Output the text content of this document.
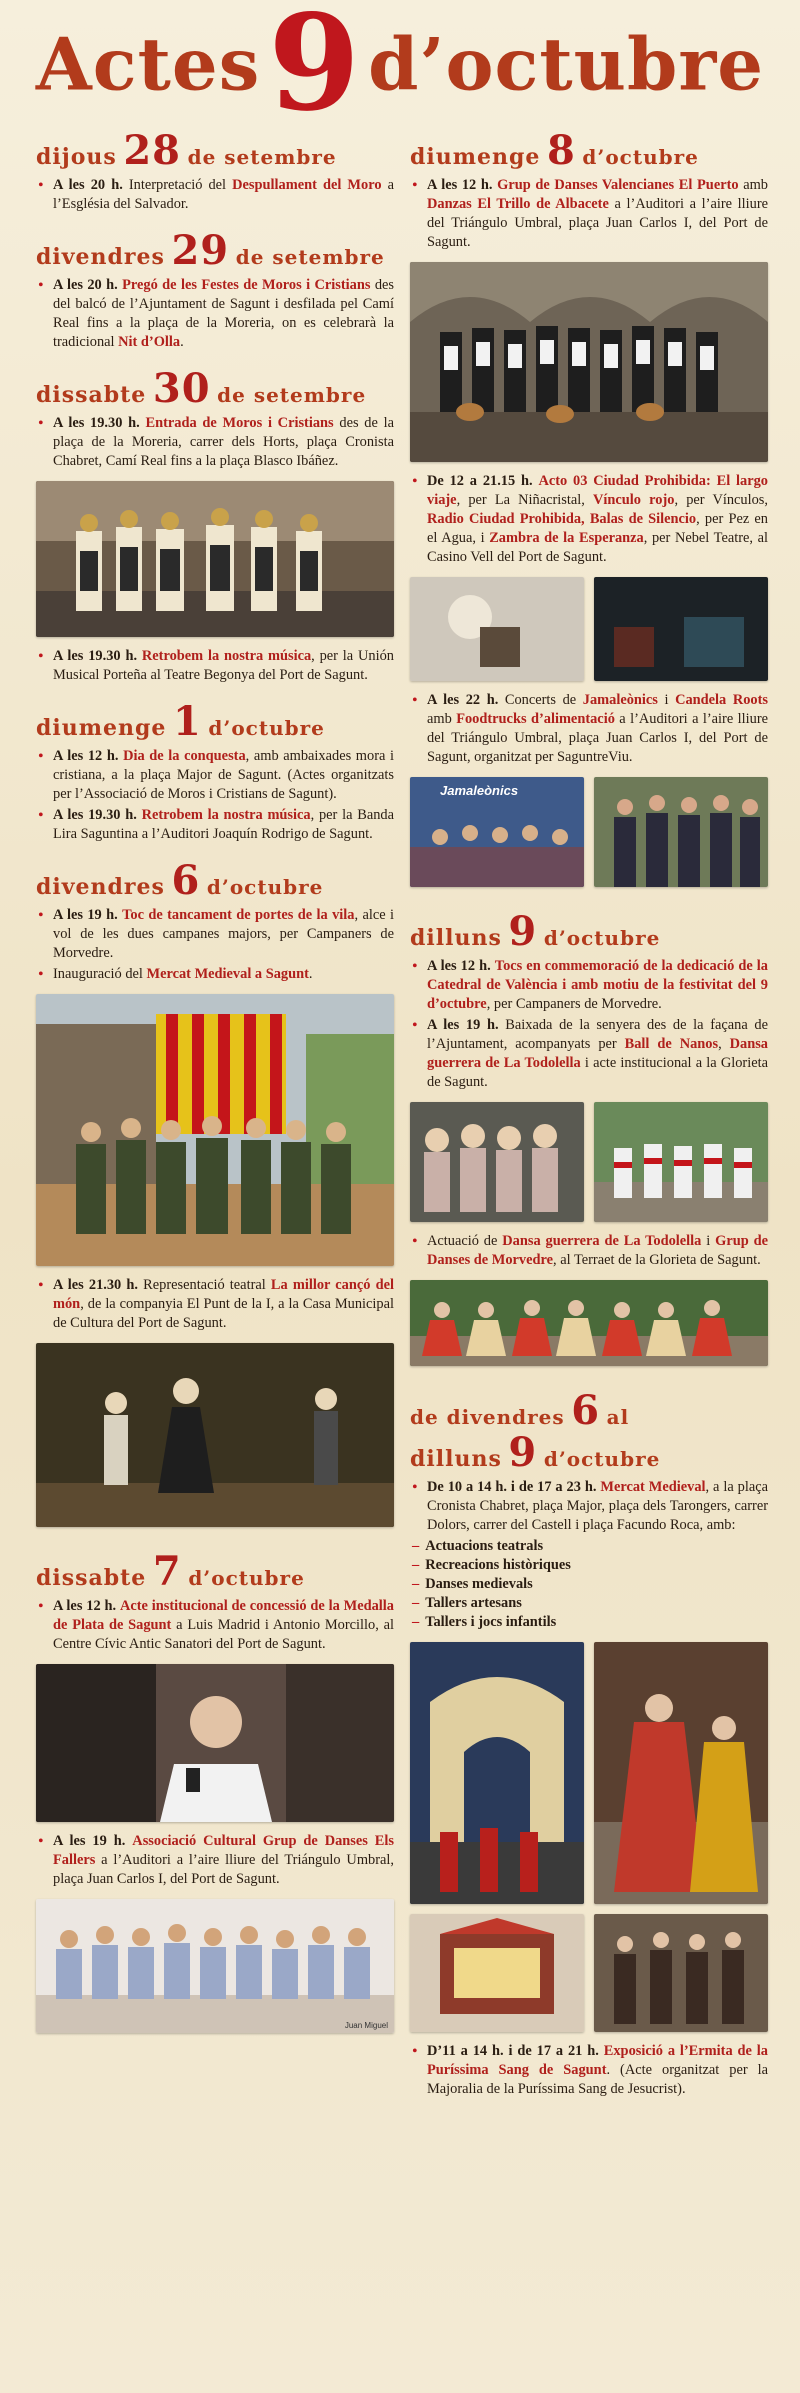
Actes 9 d’octubre
dijous 28 de setembre
• A les 20 h. Interpretació del Despullament del Moro a l’Església del Salvador.
divendres 29 de setembre
• A les 20 h. Pregó de les Festes de Moros i Cristians des del balcó de l’Ajuntament de Sagunt i desfilada pel Camí Real fins a la plaça de la Moreria, on es celebrarà la tradicional Nit d’Olla.
dissabte 30 de setembre
• A les 19.30 h. Entrada de Moros i Cristians des de la plaça de la Moreria, carrer dels Horts, plaça Cronista Chabret, Camí Real fins a la plaça Blasco Ibáñez.
• A les 19.30 h. Retrobem la nostra música, per la Unión Musical Porteña al Teatre Begonya del Port de Sagunt.
diumenge 1 d’octubre
• A les 12 h. Dia de la conquesta, amb ambaixades mora i cristiana, a la plaça Major de Sagunt. (Actes organitzats per l’Associació de Moros i Cristians de Sagunt).
• A les 19.30 h. Retrobem la nostra música, per la Banda Lira Saguntina a l’Auditori Joaquín Rodrigo de Sagunt.
divendres 6 d’octubre
• A les 19 h. Toc de tancament de portes de la vila, alce i vol de les dues campanes majors, per Campaners de Morvedre.
• Inauguració del Mercat Medieval a Sagunt.
• A les 21.30 h. Representació teatral La millor cançó del món, de la companyia El Punt de la I, a la Casa Municipal de Cultura del Port de Sagunt.
dissabte 7 d’octubre
• A les 12 h. Acte institucional de concessió de la Medalla de Plata de Sagunt a Luis Madrid i Antonio Morcillo, al Centre Cívic Antic Sanatori del Port de Sagunt.
• A les 19 h. Associació Cultural Grup de Danses Els Fallers a l’Auditori a l’aire lliure del Triángulo Umbral, plaça Juan Carlos I, del Port de Sagunt.
Juan Miguel
diumenge 8 d’octubre
• A les 12 h. Grup de Danses Valencianes El Puerto amb Danzas El Trillo de Albacete a l’Auditori a l’aire lliure del Triángulo Umbral, plaça Juan Carlos I, del Port de Sagunt.
• De 12 a 21.15 h. Acto 03 Ciudad Prohibida: El largo viaje, per La Niñacristal, Vínculo rojo, per Vínculos, Radio Ciudad Prohibida, Balas de Silencio, per Pez en el Agua, i Zambra de la Esperanza, per Nebel Teatre, al Casino Vell del Port de Sagunt.
• A les 22 h. Concerts de Jamaleònics i Candela Roots amb Foodtrucks d’alimentació a l’Auditori a l’aire lliure del Triángulo Umbral, plaça Juan Carlos I, del Port de Sagunt, organitzat per SaguntreViu.
Jamaleònics
dilluns 9 d’octubre
• A les 12 h. Tocs en commemoració de la dedicació de la Catedral de València i amb motiu de la festivitat del 9 d’octubre, per Campaners de Morvedre.
• A les 19 h. Baixada de la senyera des de la façana de l’Ajuntament, acompanyats per Ball de Nanos, Dansa guerrera de La Todolella i acte institucional a la Glorieta de Sagunt.
• Actuació de Dansa guerrera de La Todolella i Grup de Danses de Morvedre, al Terraet de la Glorieta de Sagunt.
de divendres 6 al
dilluns 9 d’octubre
• De 10 a 14 h. i de 17 a 23 h. Mercat Medieval, a la plaça Cronista Chabret, plaça Major, plaça dels Tarongers, carrer Dolors, carrer del Castell i plaça Facundo Roca, amb:
– Actuacions teatrals
– Recreacions històriques
– Danses medievals
– Tallers artesans
– Tallers i jocs infantils
• D’11 a 14 h. i de 17 a 21 h. Exposició a l’Ermita de la Puríssima Sang de Sagunt. (Acte organitzat per la Majoralia de la Puríssima Sang de Jesucrist).
